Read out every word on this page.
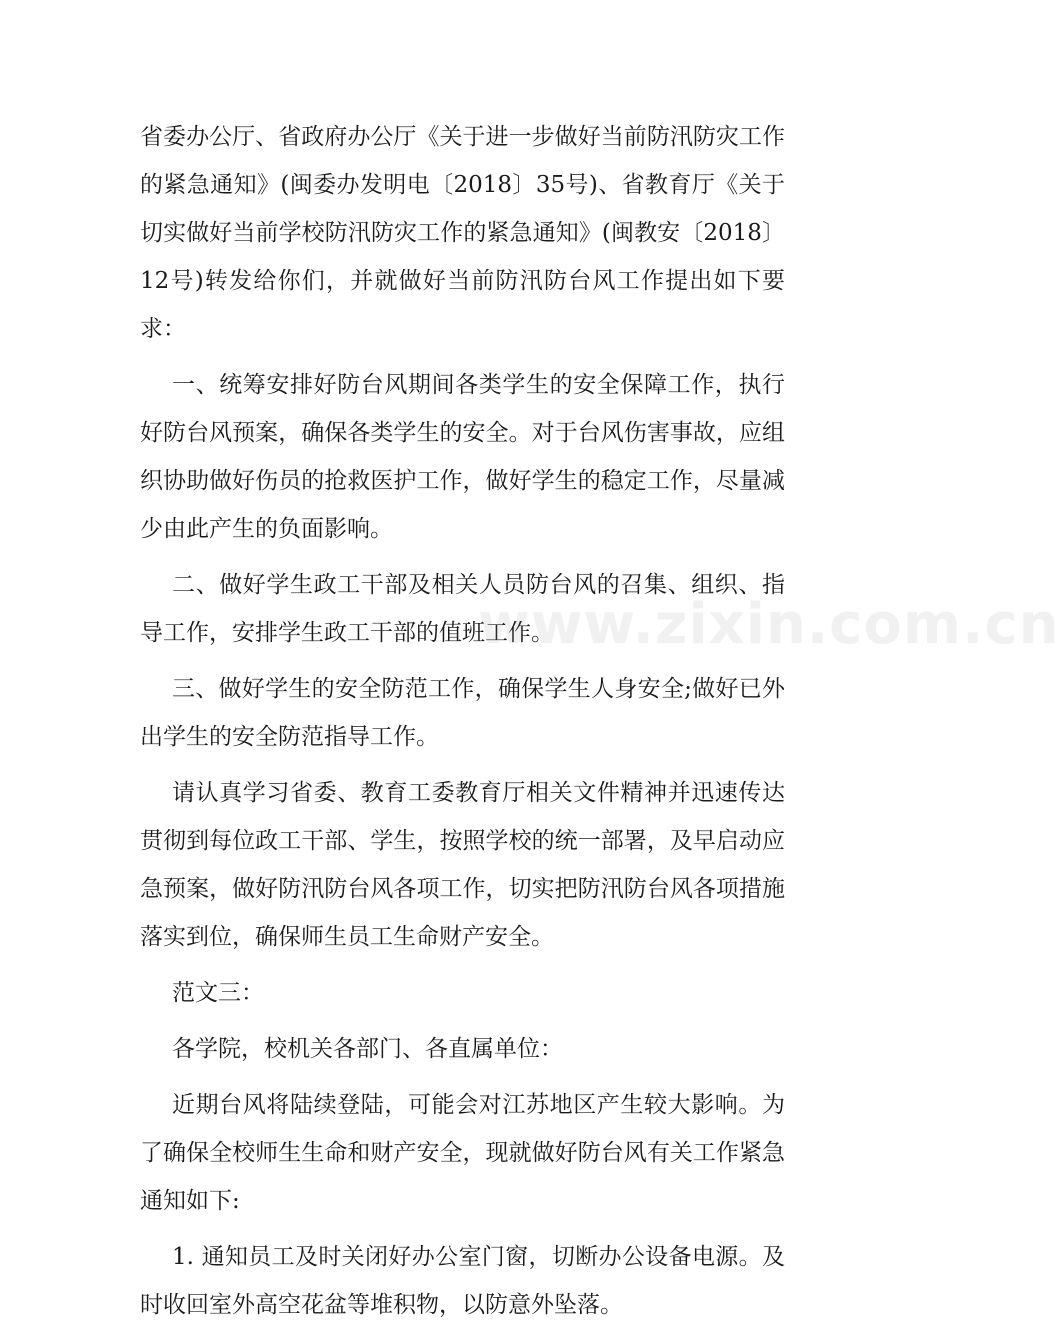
省委办公厅、省政府办公厅《关于进一步做好当前防汛防灾工作的紧急通知》(闽委办发明电〔2018〕35号)、省教育厅《关于切实做好当前学校防汛防灾工作的紧急通知》(闽教安〔2018〕12号)转发给你们，并就做好当前防汛防台风工作提出如下要求：

一、统筹安排好防台风期间各类学生的安全保障工作，执行好防台风预案，确保各类学生的安全。对于台风伤害事故，应组织协助做好伤员的抢救医护工作，做好学生的稳定工作，尽量减少由此产生的负面影响。

二、做好学生政工干部及相关人员防台风的召集、组织、指导工作，安排学生政工干部的值班工作。

三、做好学生的安全防范工作，确保学生人身安全;做好已外出学生的安全防范指导工作。

请认真学习省委、教育工委教育厅相关文件精神并迅速传达贯彻到每位政工干部、学生，按照学校的统一部署，及早启动应急预案，做好防汛防台风各项工作，切实把防汛防台风各项措施落实到位，确保师生员工生命财产安全。

范文三：

各学院，校机关各部门、各直属单位：

近期台风将陆续登陆，可能会对江苏地区产生较大影响。为了确保全校师生生命和财产安全，现就做好防台风有关工作紧急通知如下:

1. 通知员工及时关闭好办公室门窗，切断办公设备电源。及时收回室外高空花盆等堆积物，以防意外坠落。

www.zixin.com.cn
